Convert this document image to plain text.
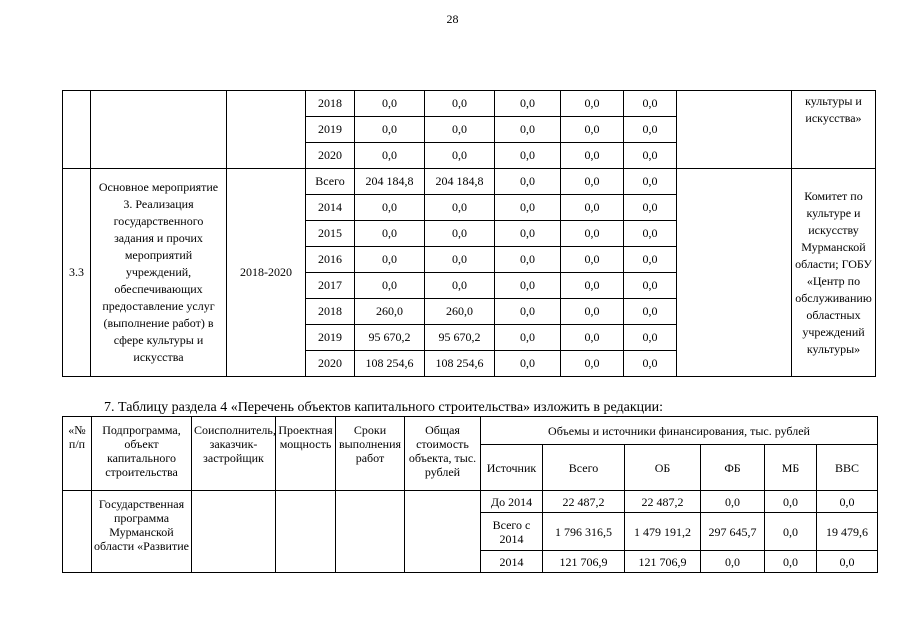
28
			2018	0,0	0,0	0,0	0,0	0,0		культуры и искусства»
			2019	0,0	0,0	0,0	0,0	0,0		
			2020	0,0	0,0	0,0	0,0	0,0		
3.3	Основное мероприятие 3. Реализация государственного задания и прочих мероприятий учреждений, обеспечивающих предоставление услуг (выполнение работ) в сфере культуры и искусства	2018-2020	Всего	204 184,8	204 184,8	0,0	0,0	0,0		Комитет по культуре и искусству Мурманской области; ГОБУ «Центр по обслуживанию областных учреждений культуры»
			2014	0,0	0,0	0,0	0,0	0,0		
			2015	0,0	0,0	0,0	0,0	0,0		
			2016	0,0	0,0	0,0	0,0	0,0		
			2017	0,0	0,0	0,0	0,0	0,0		
			2018	260,0	260,0	0,0	0,0	0,0		
			2019	95 670,2	95 670,2	0,0	0,0	0,0		
			2020	108 254,6	108 254,6	0,0	0,0	0,0		
7. Таблицу раздела 4 «Перечень объектов капитального строительства» изложить в редакции:
«№ п/п	Подпрограмма, объект капитального строительства	Соисполнитель, заказчик-застройщик	Проектная мощность	Сроки выполнения работ	Общая стоимость объекта, тыс. рублей	Объемы и источники финансирования, тыс. рублей					
						Источник	Всего	ОБ	ФБ	МБ	ВВС
	Государственная программа Мурманской области «Развитие					До 2014	22 487,2	22 487,2	0,0	0,0	0,0
						Всего с 2014	1 796 316,5	1 479 191,2	297 645,7	0,0	19 479,6
						2014	121 706,9	121 706,9	0,0	0,0	0,0
